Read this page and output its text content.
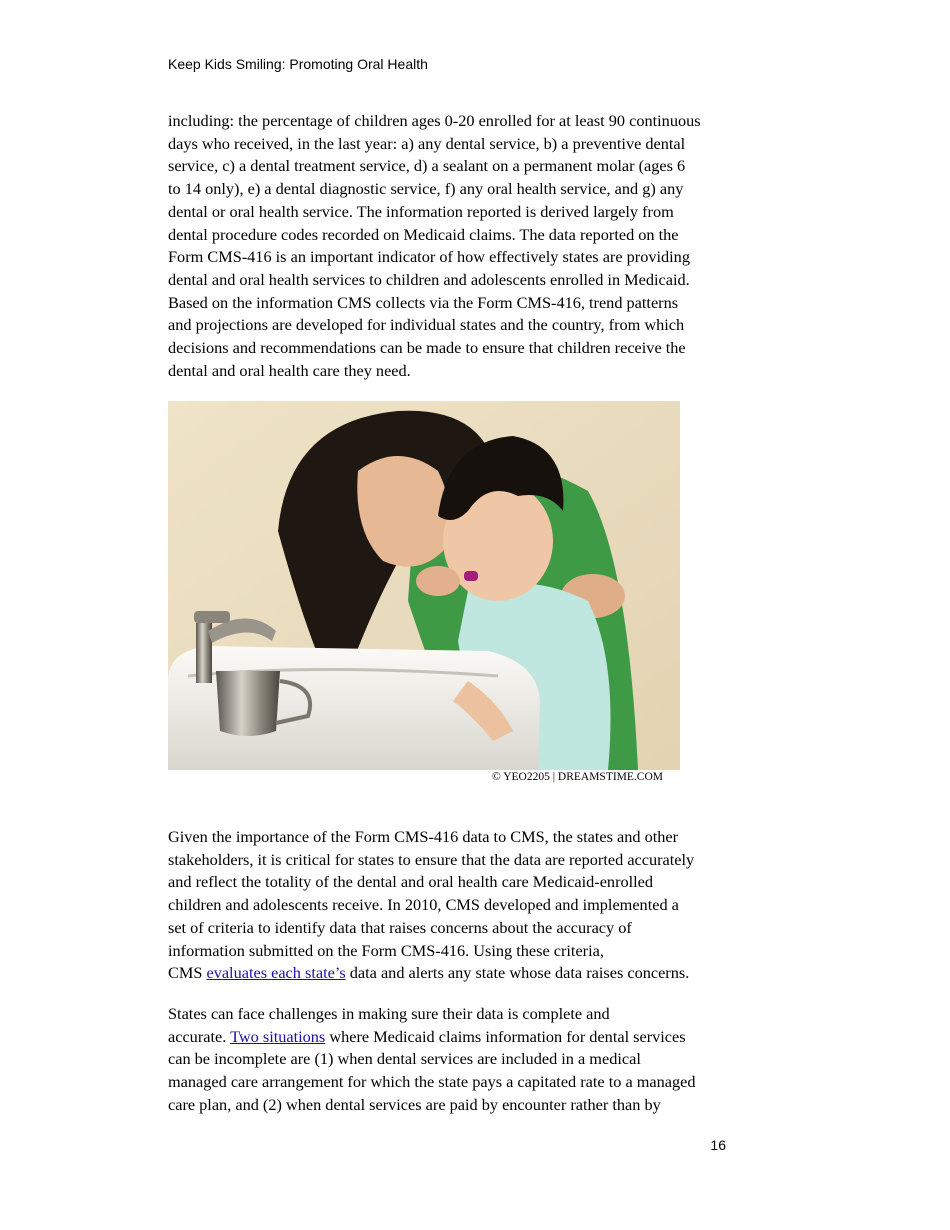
Keep Kids Smiling: Promoting Oral Health

including: the percentage of children ages 0-20 enrolled for at least 90 continuous
days who received, in the last year: a) any dental service, b) a preventive dental
service, c) a dental treatment service, d) a sealant on a permanent molar (ages 6
to 14 only), e) a dental diagnostic service, f) any oral health service, and g) any
dental or oral health service. The information reported is derived largely from
dental procedure codes recorded on Medicaid claims. The data reported on the
Form CMS-416 is an important indicator of how effectively states are providing
dental and oral health services to children and adolescents enrolled in Medicaid.
Based on the information CMS collects via the Form CMS-416, trend patterns
and projections are developed for individual states and the country, from which
decisions and recommendations can be made to ensure that children receive the
dental and oral health care they need.

© YEO2205 | DREAMSTIME.COM

Given the importance of the Form CMS-416 data to CMS, the states and other
stakeholders, it is critical for states to ensure that the data are reported accurately
and reflect the totality of the dental and oral health care Medicaid-enrolled
children and adolescents receive. In 2010, CMS developed and implemented a
set of criteria to identify data that raises concerns about the accuracy of
information submitted on the Form CMS-416. Using these criteria,
CMS evaluates each state’s data and alerts any state whose data raises concerns.

States can face challenges in making sure their data is complete and
accurate. Two situations where Medicaid claims information for dental services
can be incomplete are (1) when dental services are included in a medical
managed care arrangement for which the state pays a capitated rate to a managed
care plan, and (2) when dental services are paid by encounter rather than by

16
